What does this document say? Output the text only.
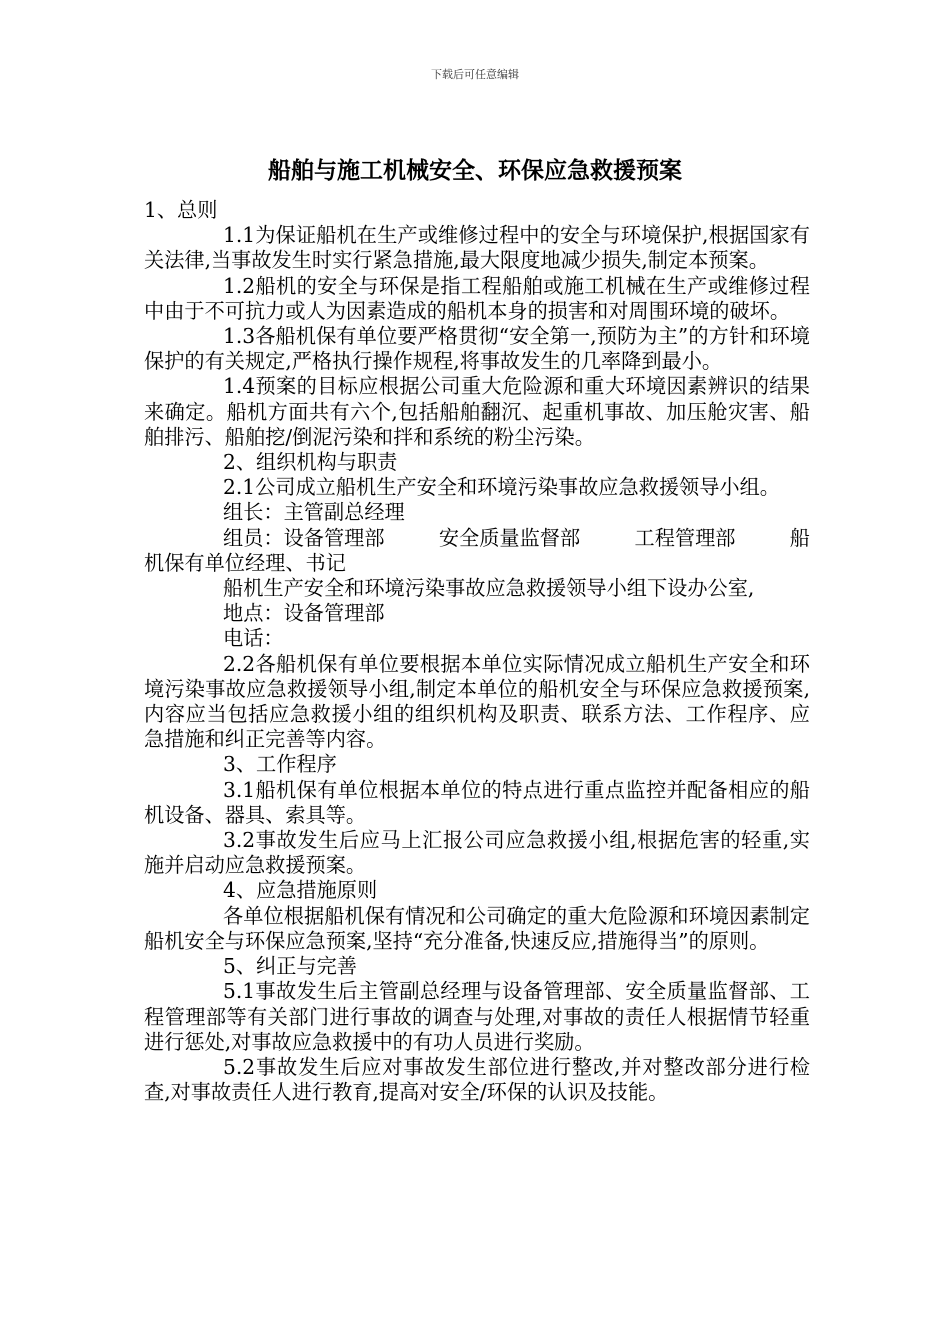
下载后可任意编辑
船舶与施工机械安全、环保应急救援预案

1、总则

1.1为保证船机在生产或维修过程中的安全与环境保护,根据国家有关法律,当事故发生时实行紧急措施,最大限度地减少损失,制定本预案。

1.2船机的安全与环保是指工程船舶或施工机械在生产或维修过程中由于不可抗力或人为因素造成的船机本身的损害和对周围环境的破坏。

1.3各船机保有单位要严格贯彻“安全第一,预防为主”的方针和环境保护的有关规定,严格执行操作规程,将事故发生的几率降到最小。

1.4预案的目标应根据公司重大危险源和重大环境因素辨识的结果来确定。船机方面共有六个,包括船舶翻沉、起重机事故、加压舱灾害、船舶排污、船舶挖/倒泥污染和拌和系统的粉尘污染。

2、组织机构与职责

2.1公司成立船机生产安全和环境污染事故应急救援领导小组。

组长：主管副总经理

组员：设备管理部	安全质量监督部	工程管理部	船

机保有单位经理、书记

船机生产安全和环境污染事故应急救援领导小组下设办公室,

地点：设备管理部

电话：

2.2各船机保有单位要根据本单位实际情况成立船机生产安全和环境污染事故应急救援领导小组,制定本单位的船机安全与环保应急救援预案,内容应当包括应急救援小组的组织机构及职责、联系方法、工作程序、应急措施和纠正完善等内容。

3、工作程序

3.1船机保有单位根据本单位的特点进行重点监控并配备相应的船机设备、器具、索具等。

3.2事故发生后应马上汇报公司应急救援小组,根据危害的轻重,实施并启动应急救援预案。

4、应急措施原则

各单位根据船机保有情况和公司确定的重大危险源和环境因素制定船机安全与环保应急预案,坚持“充分准备,快速反应,措施得当”的原则。

5、纠正与完善

5.1事故发生后主管副总经理与设备管理部、安全质量监督部、工程管理部等有关部门进行事故的调查与处理,对事故的责任人根据情节轻重进行惩处,对事故应急救援中的有功人员进行奖励。

5.2事故发生后应对事故发生部位进行整改,并对整改部分进行检查,对事故责任人进行教育,提高对安全/环保的认识及技能。
